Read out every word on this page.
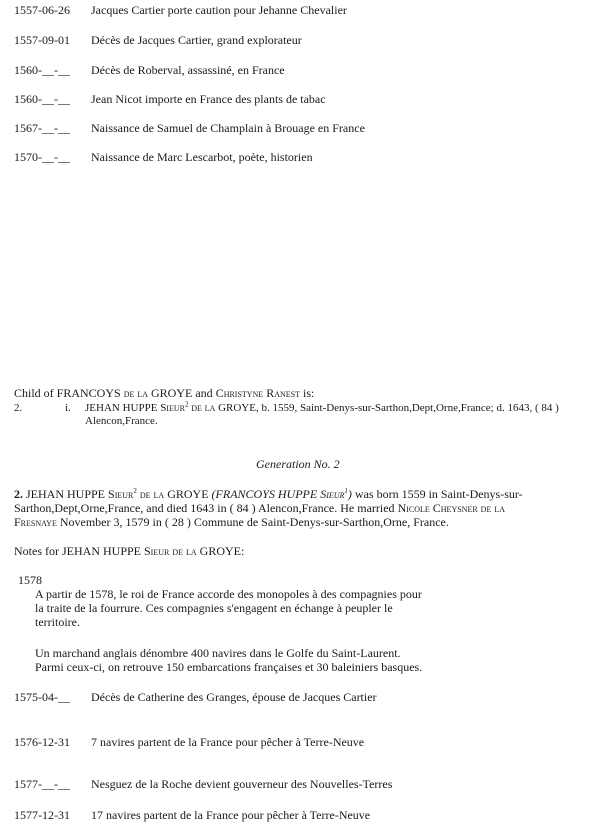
1557-06-26 Jacques Cartier porte caution pour Jehanne Chevalier
1557-09-01 Décès de Jacques Cartier, grand explorateur
1560-__-__ Décès de Roberval, assassiné, en France
1560-__-__ Jean Nicot importe en France des plants de tabac
1567-__-__ Naissance de Samuel de Champlain à Brouage en France
1570-__-__ Naissance de Marc Lescarbot, poète, historien
Child of FRANCOYS de la GROYE and Christyne Ranest is:
2.	i. JEHAN HUPPE Sieur$^2$ de la GROYE, b. 1559, Saint-Denys-sur-Sarthon,Dept,Orne,France; d. 1643, ( 84 )
Alencon,France.
Generation No. 2
2. JEHAN HUPPE Sieur$^2$ de la GROYE (FRANCOYS HUPPE Sieur$^1$) was born 1559 in Saint-Denys-sur-
Sarthon,Dept,Orne,France, and died 1643 in ( 84 ) Alencon,France. He married Nicole Cheysner de la
Fresnaye November 3, 1579 in ( 28 ) Commune de Saint-Denys-sur-Sarthon,Orne, France.
Notes for JEHAN HUPPE Sieur de la GROYE:
1578
A partir de 1578, le roi de France accorde des monopoles à des compagnies pour
la traite de la fourrure. Ces compagnies s'engagent en échange à peupler le
territoire.
Un marchand anglais dénombre 400 navires dans le Golfe du Saint-Laurent.
Parmi ceux-ci, on retrouve 150 embarcations françaises et 30 baleiniers basques.
1575-04-__ Décès de Catherine des Granges, épouse de Jacques Cartier
1576-12-31 7 navires partent de la France pour pêcher à Terre-Neuve
1577-__-__ Nesguez de la Roche devient gouverneur des Nouvelles-Terres
1577-12-31 17 navires partent de la France pour pêcher à Terre-Neuve
